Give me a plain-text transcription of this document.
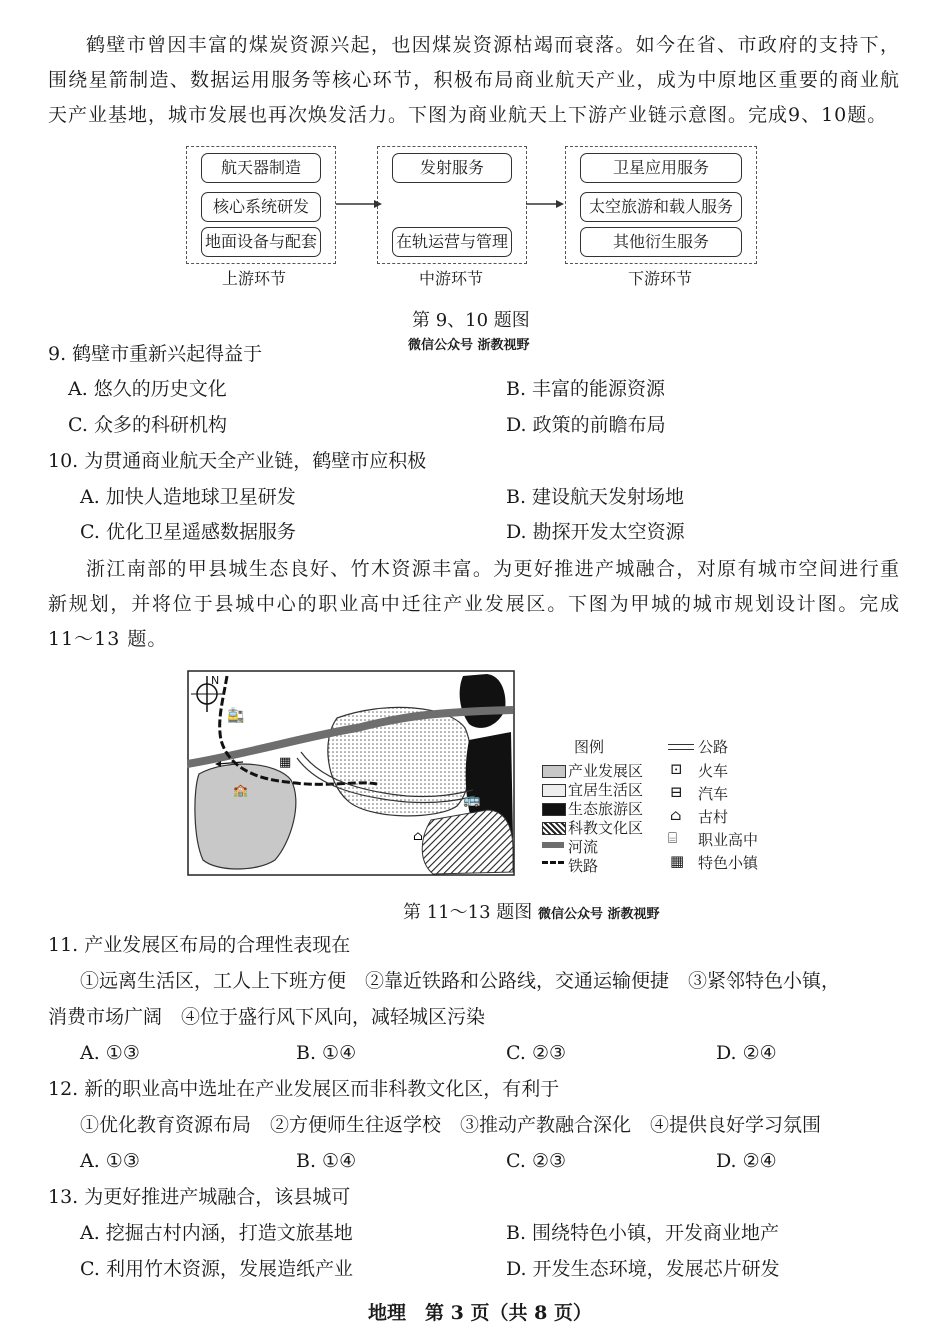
鹤壁市曾因丰富的煤炭资源兴起，也因煤炭资源枯竭而衰落。如今在省、市政府的支持下，围绕星箭制造、数据运用服务等核心环节，积极布局商业航天产业，成为中原地区重要的商业航天产业基地，城市发展也再次焕发活力。下图为商业航天上下游产业链示意图。完成9、10题。
航天器制造
核心系统研发
地面设备与配套
上游环节
发射服务
在轨运营与管理
中游环节
卫星应用服务
太空旅游和载人服务
其他衍生服务
下游环节
第 9、10 题图
微信公众号 浙教视野
9. 鹤壁市重新兴起得益于
A. 悠久的历史文化	B. 丰富的能源资源
C. 众多的科研机构	D. 政策的前瞻布局
10. 为贯通商业航天全产业链，鹤壁市应积极
A. 加快人造地球卫星研发	B. 建设航天发射场地
C. 优化卫星遥感数据服务	D. 勘探开发太空资源
浙江南部的甲县城生态良好、竹木资源丰富。为更好推进产城融合，对原有城市空间进行重新规划，并将位于县城中心的职业高中迁往产业发展区。下图为甲城的城市规划设计图。完成 11～13 题。
N
🚉
🚌
🏫
▦
⌂
图例
产业发展区
宜居生活区
生态旅游区
科教文化区
河流
铁路
公路
⊡ 火车
⊟ 汽车
⌂ 古村
⌸ 职业高中
▦ 特色小镇
第 11～13 题图 微信公众号 浙教视野
11. 产业发展区布局的合理性表现在
①远离生活区，工人上下班方便　②靠近铁路和公路线，交通运输便捷　③紧邻特色小镇，
消费市场广阔　④位于盛行风下风向，减轻城区污染
A. ①③	B. ①④	C. ②③	D. ②④
12. 新的职业高中选址在产业发展区而非科教文化区，有利于
①优化教育资源布局　②方便师生往返学校　③推动产教融合深化　④提供良好学习氛围
A. ①③	B. ①④	C. ②③	D. ②④
13. 为更好推进产城融合，该县城可
A. 挖掘古村内涵，打造文旅基地	B. 围绕特色小镇，开发商业地产
C. 利用竹木资源，发展造纸产业	D. 开发生态环境，发展芯片研发
地理　第 3 页（共 8 页）
